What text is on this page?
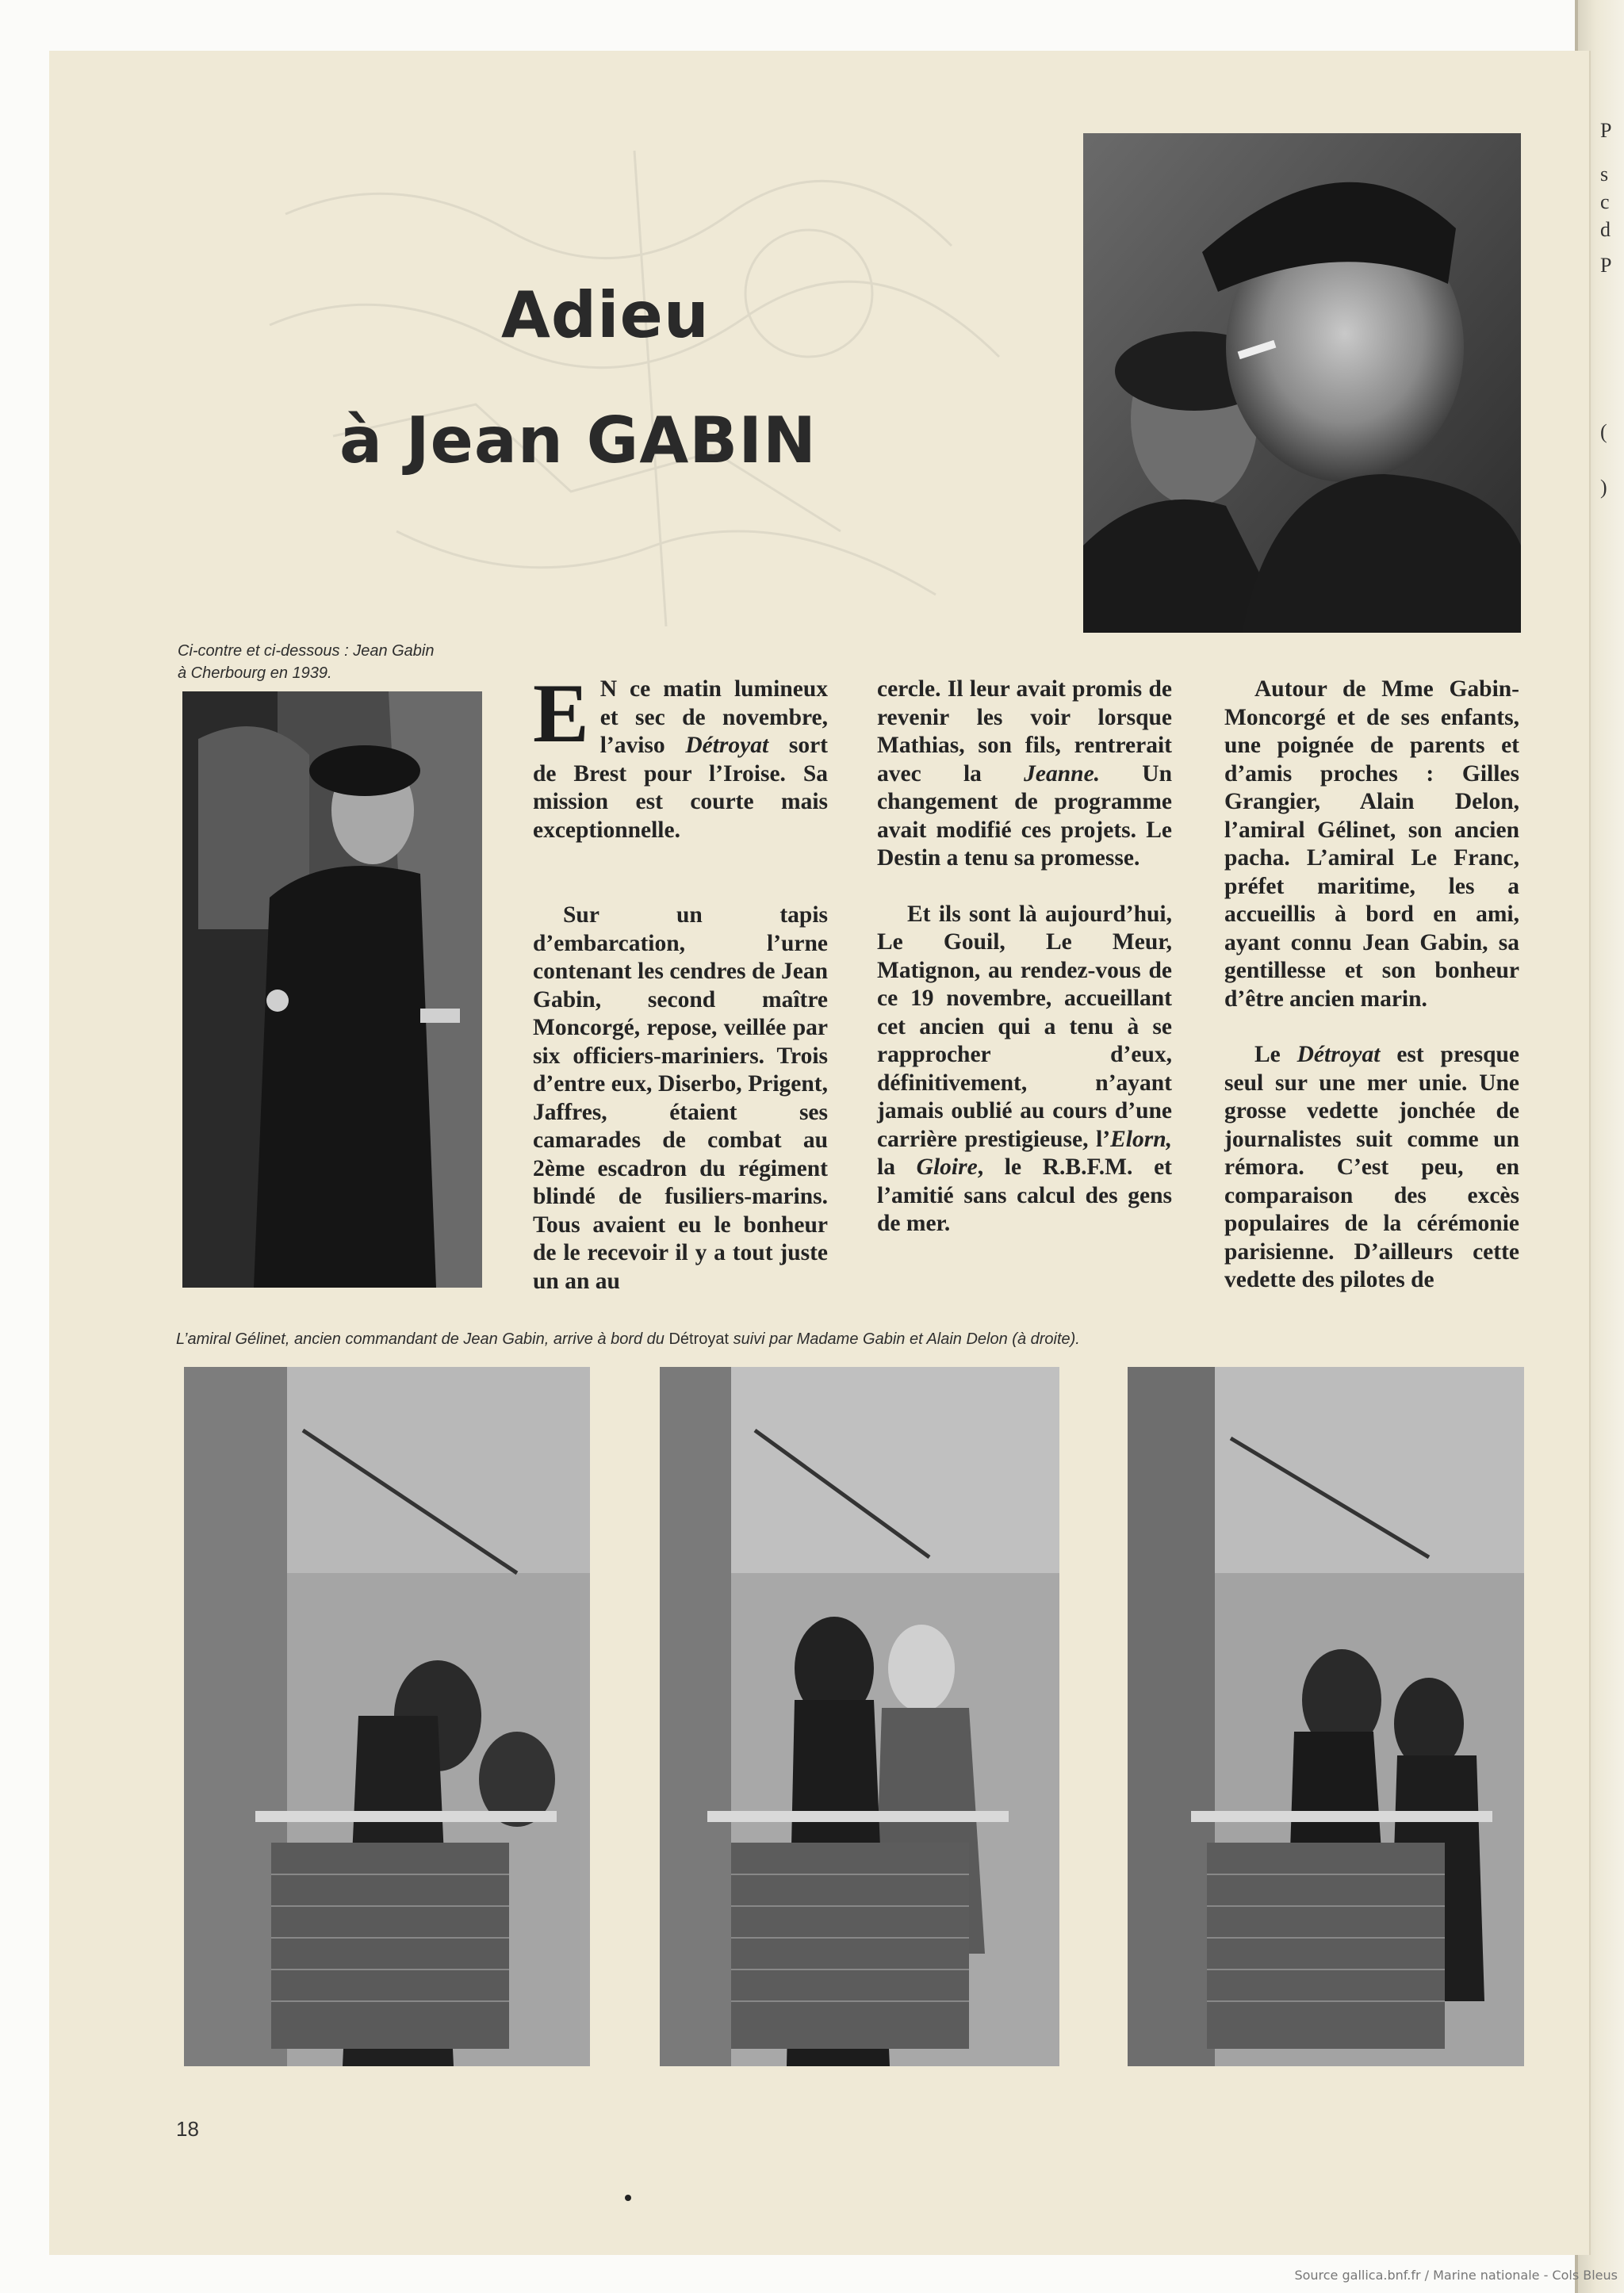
P
s
c
d
P
(
)
Adieu
à Jean GABIN
Ci-contre et ci-dessous : Jean Gabin
à Cherbourg en 1939. E N ce matin lumineux et sec de novembre, l’aviso Détroyat sort de Brest pour l’Iroise. Sa mission est courte mais exceptionnelle.

Sur un tapis d’embarcation, l’urne contenant les cendres de Jean Gabin, second maître Moncorgé, repose, veillée par six officiers-mariniers. Trois d’entre eux, Diserbo, Prigent, Jaffres, étaient ses camarades de combat au 2ème escadron du régiment blindé de fusiliers-marins. Tous avaient eu le bonheur de le recevoir il y a tout juste un an au

cercle. Il leur avait promis de revenir les voir lorsque Mathias, son fils, rentrerait avec la Jeanne. Un changement de programme avait modifié ces projets. Le Destin a tenu sa promesse.

Et ils sont là aujourd’hui, Le Gouil, Le Meur, Matignon, au rendez-vous de ce 19 novembre, accueillant cet ancien qui a tenu à se rapprocher d’eux, définitivement, n’ayant jamais oublié au cours d’une carrière prestigieuse, l’Elorn, la Gloire, le R.B.F.M. et l’amitié sans calcul des gens de mer.

Autour de Mme Gabin-Moncorgé et de ses enfants, une poignée de parents et d’amis proches : Gilles Grangier, Alain Delon, l’amiral Gélinet, son ancien pacha. L’amiral Le Franc, préfet maritime, les a accueillis à bord en ami, ayant connu Jean Gabin, sa gentillesse et son bonheur d’être ancien marin.

Le Détroyat est presque seul sur une mer unie. Une grosse vedette jonchée de journalistes suit comme un rémora. C’est peu, en comparaison des excès populaires de la cérémonie parisienne. D’ailleurs cette vedette des pilotes de

L’amiral Gélinet, ancien commandant de Jean Gabin, arrive à bord du Détroyat suivi par Madame Gabin et Alain Delon (à droite).
18
Source gallica.bnf.fr / Marine nationale - Cols Bleus
